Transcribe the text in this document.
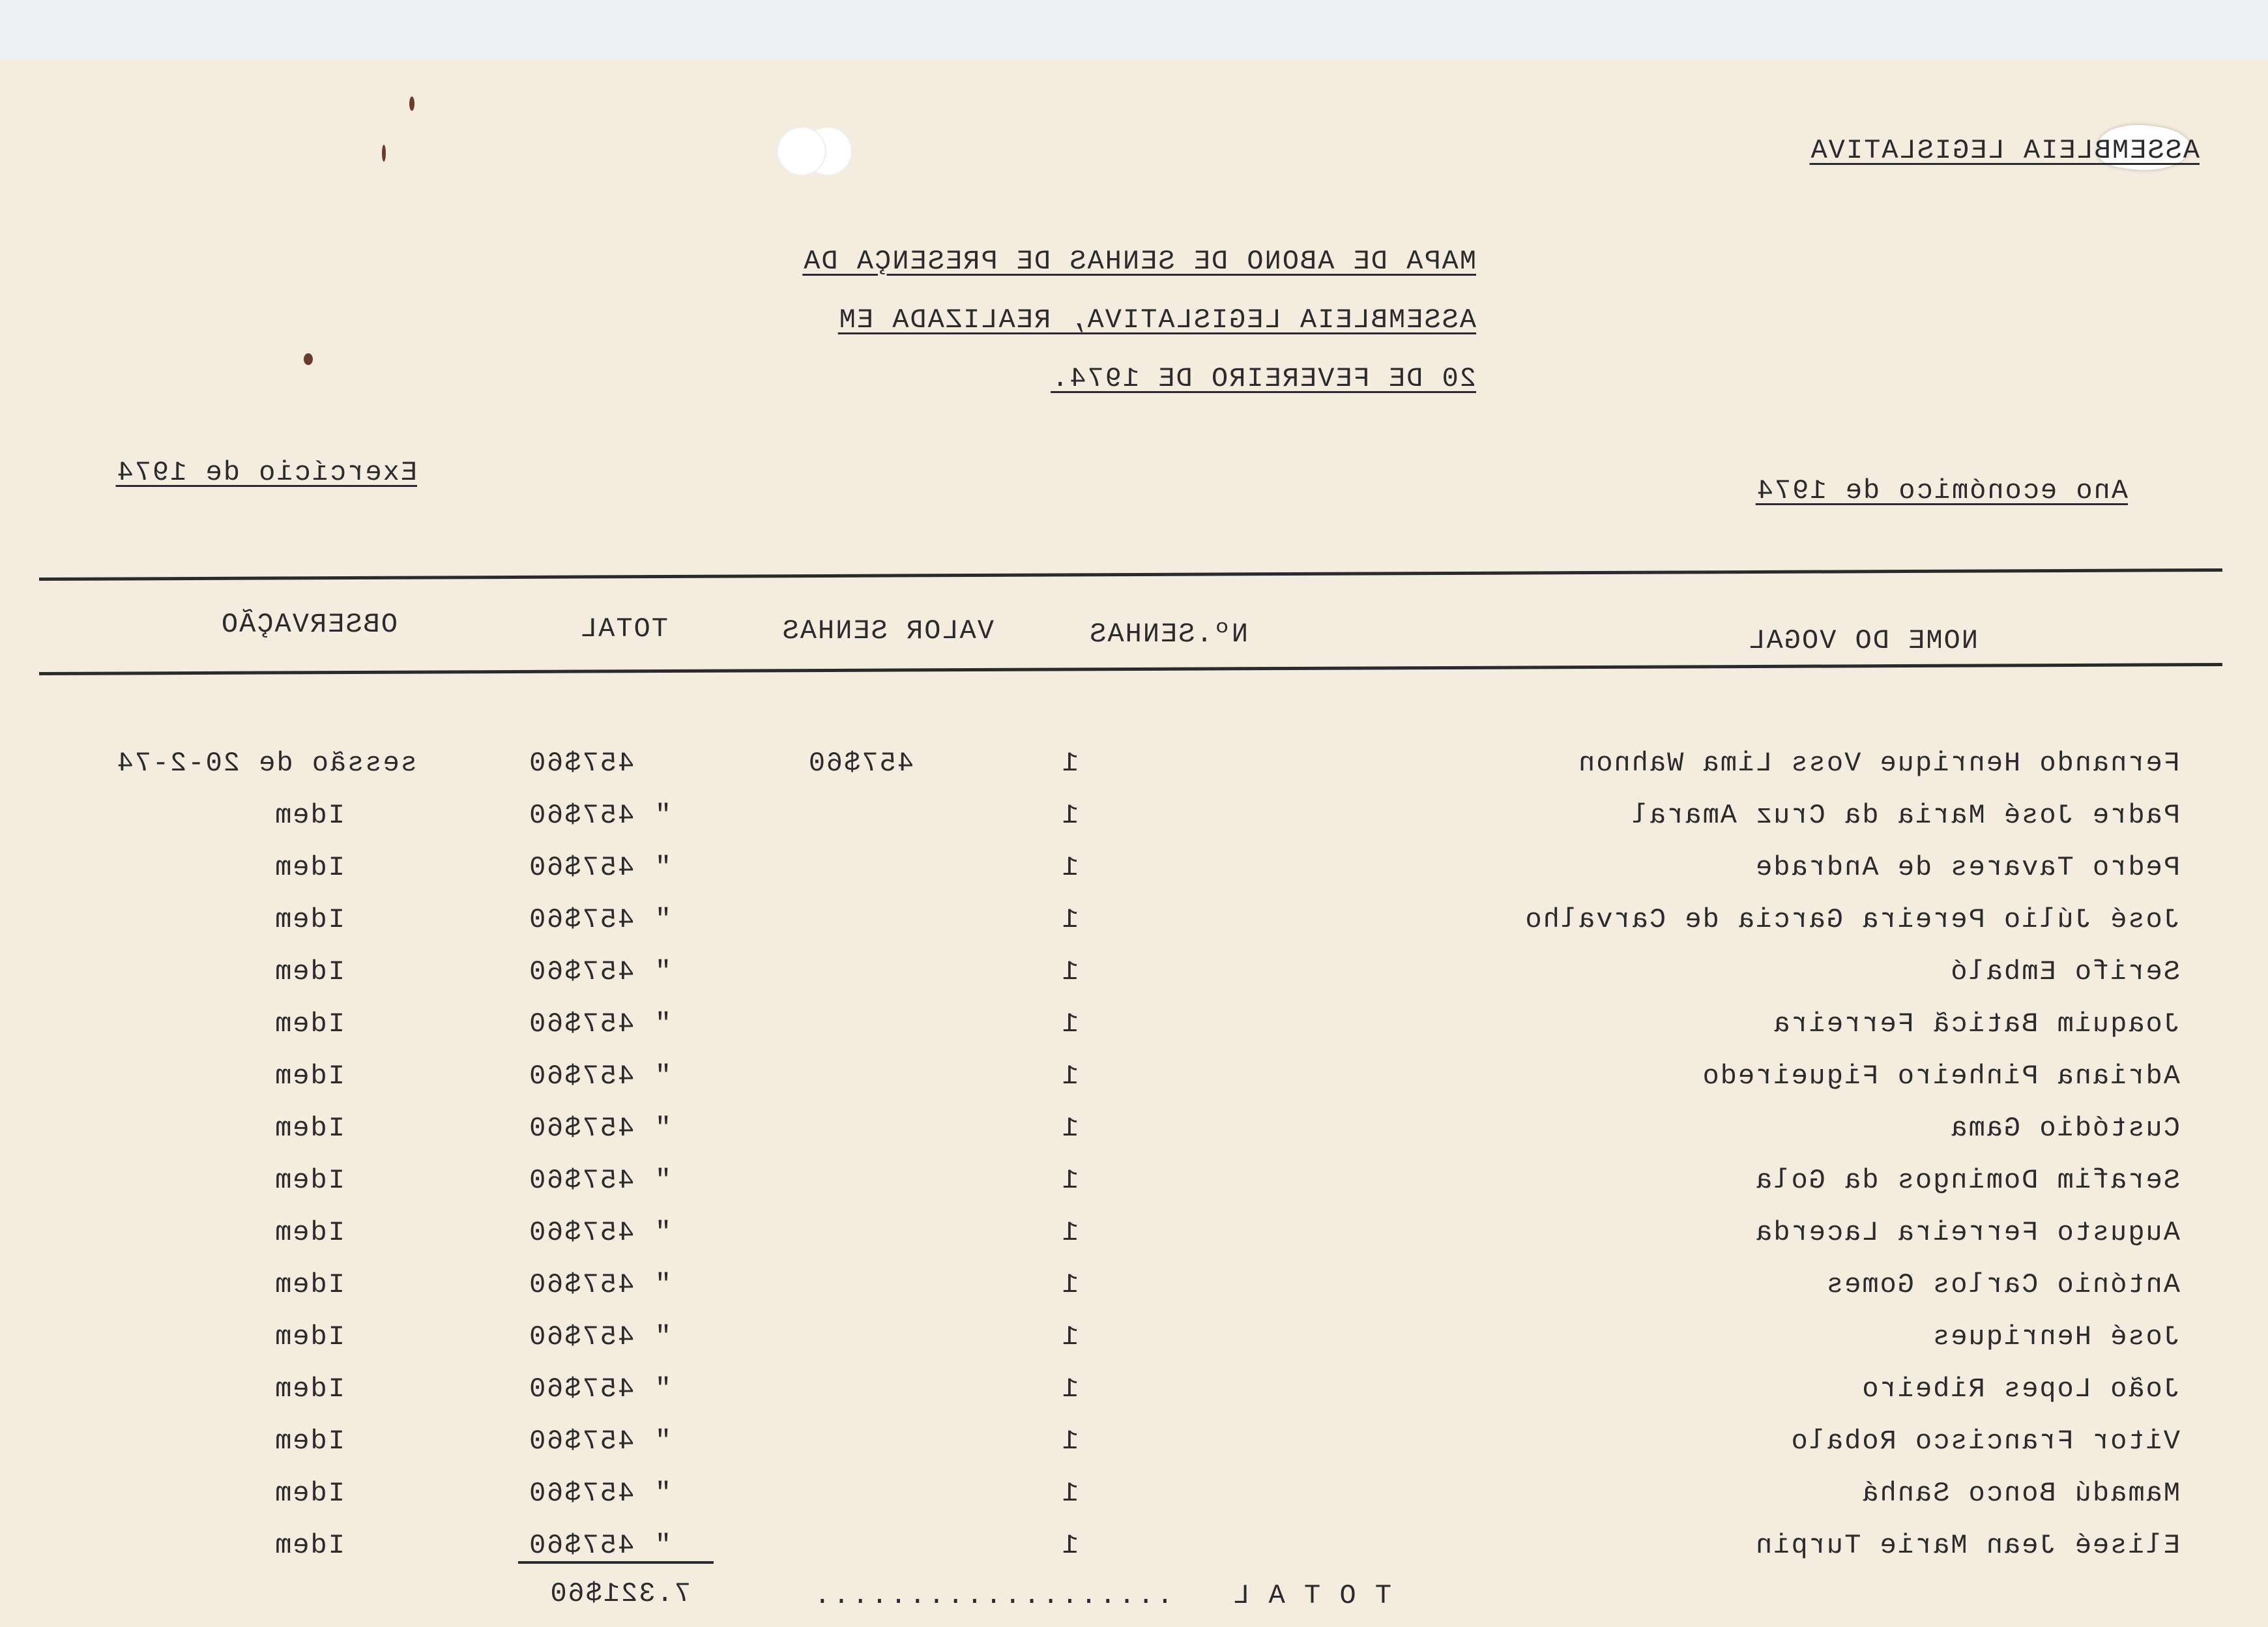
ASSEMBLEIA LEGISLATIVA
MAPA DE ABONO DE SENHAS DE PRESENÇA DA
ASSEMBLEIA LEGISLATIVA, REALIZADA EM
20 DE FEVEREIRO DE 1974.
Ano económico de 1974
Exercício de 1974
NOME DO VOGAL
Nº.SENHAS
VALOR SENHAS
TOTAL
OBSERVAÇÃO
Fernando Henrique Voss Lima Wahnon
1
457$60
457$60
sessão de 20-2-74
Padre José Maria da Cruz Amaral
1
"
457$60
Idem
Pedro Tavares de Andrade
1
"
457$60
Idem
José Júlio Pereira Garcia de Carvalho
1
"
457$60
Idem
Serifo Embaló
1
"
457$60
Idem
Joaquim Baticã Ferreira
1
"
457$60
Idem
Adriana Pinheiro Figueiredo
1
"
457$60
Idem
Custódio Gama
1
"
457$60
Idem
Serafim Domingos da Gola
1
"
457$60
Idem
Augusto Ferreira Lacerda
1
"
457$60
Idem
António Carlos Gomes
1
"
457$60
Idem
José Henriques
1
"
457$60
Idem
João Lopes Ribeiro
1
"
457$60
Idem
Vitor Francisco Robalo
1
"
457$60
Idem
Mamadú Bonco Sanhá
1
"
457$60
Idem
Eliseé Jean Marie Turpin
1
"
457$60
Idem
T O T A L
...................
7.321$60
